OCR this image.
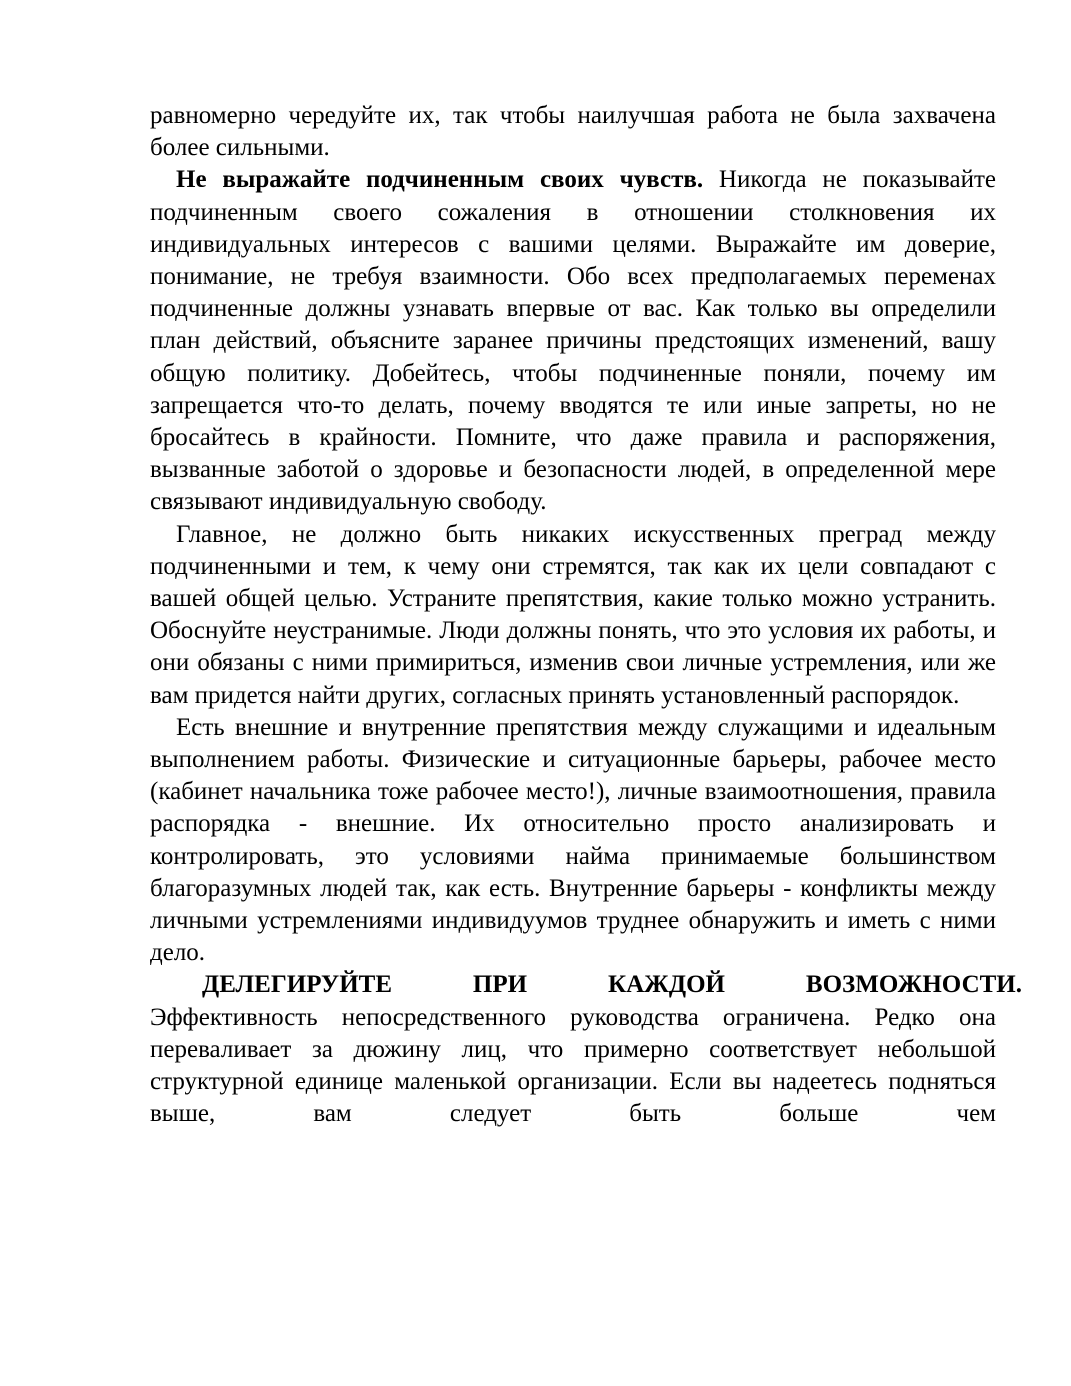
равномерно чередуйте их, так чтобы наилучшая работа не была захвачена более сильными.

Не выражайте подчиненным своих чувств. Никогда не показывайте подчиненным своего сожаления в отношении столкновения их индивидуальных интересов с вашими целями. Выражайте им доверие, понимание, не требуя взаимности. Обо всех предполагаемых переменах подчиненные должны узнавать впервые от вас. Как только вы определили план действий, объясните заранее причины предстоящих изменений, вашу общую политику. Добейтесь, чтобы подчиненные поняли, почему им запрещается что-то делать, почему вводятся те или иные запреты, но не бросайтесь в крайности. Помните, что даже правила и распоряжения, вызванные заботой о здоровье и безопасности людей, в определенной мере связывают индивидуальную свободу.

Главное, не должно быть никаких искусственных преград между подчиненными и тем, к чему они стремятся, так как их цели совпадают с вашей общей целью. Устраните препятствия, какие только можно устранить. Обоснуйте неустранимые. Люди должны понять, что это условия их работы, и они обязаны с ними примириться, изменив свои личные устремления, или же вам придется найти других, согласных принять установленный распорядок.

Есть внешние и внутренние препятствия между служащими и идеальным выполнением работы. Физические и ситуационные барьеры, рабочее место (кабинет начальника тоже рабочее место!), личные взаимоотношения, правила распорядка - внешние. Их относительно просто анализировать и контролировать, это условиями найма принимаемые большинством благоразумных людей так, как есть. Внутренние барьеры - конфликты между личными устремлениями индивидуумов труднее обнаружить и иметь с ними дело.

ДЕЛЕГИРУЙТЕ ПРИ КАЖДОЙ ВОЗМОЖНОСТИ.
Эффективность непосредственного руководства ограничена. Редко она переваливает за дюжину лиц, что примерно соответствует небольшой структурной единице маленькой организации. Если вы надеетесь подняться выше, вам следует быть больше чем
